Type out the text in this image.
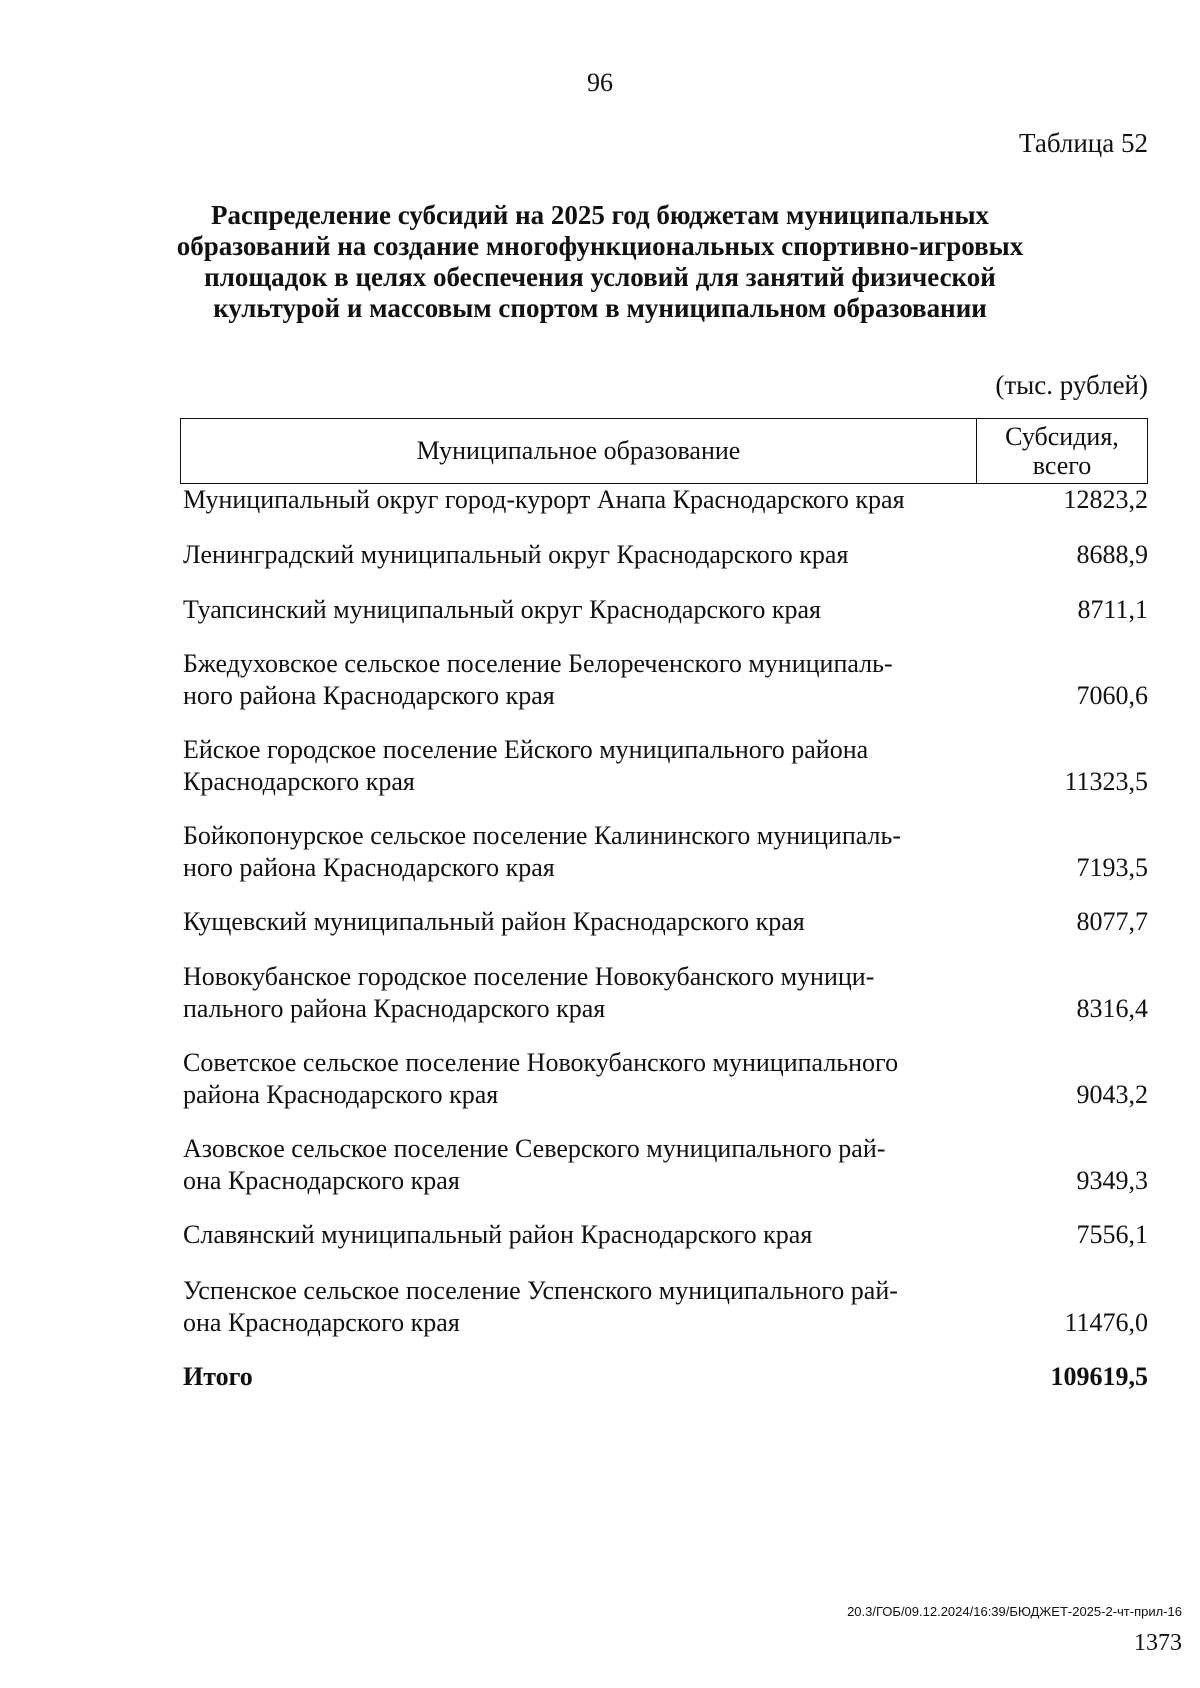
96
Таблица 52
Распределение субсидий на 2025 год бюджетам муниципальных
образований на создание многофункциональных спортивно-игровых
площадок в целях обеспечения условий для занятий физической
культурой и массовым спортом в муниципальном образовании
(тыс. рублей)
Муниципальное образование	Субсидия,
всего
Муниципальный округ город-курорт Анапа Краснодарского края	12823,2
Ленинградский муниципальный округ Краснодарского края	8688,9
Туапсинский муниципальный округ Краснодарского края	8711,1
Бжедуховское сельское поселение Белореченского муниципаль-
ного района Краснодарского края	7060,6
Ейское городское поселение Ейского муниципального района
Краснодарского края	11323,5
Бойкопонурское сельское поселение Калининского муниципаль-
ного района Краснодарского края	7193,5
Кущевский муниципальный район Краснодарского края	8077,7
Новокубанское городское поселение Новокубанского муници-
пального района Краснодарского края	8316,4
Советское сельское поселение Новокубанского муниципального
района Краснодарского края	9043,2
Азовское сельское поселение Северского муниципального рай-
она Краснодарского края	9349,3
Славянский муниципальный район Краснодарского края	7556,1
Успенское сельское поселение Успенского муниципального рай-
она Краснодарского края	11476,0
Итого	109619,5
20.3/ГОБ/09.12.2024/16:39/БЮДЖЕТ-2025-2-чт-прил-16
1373
